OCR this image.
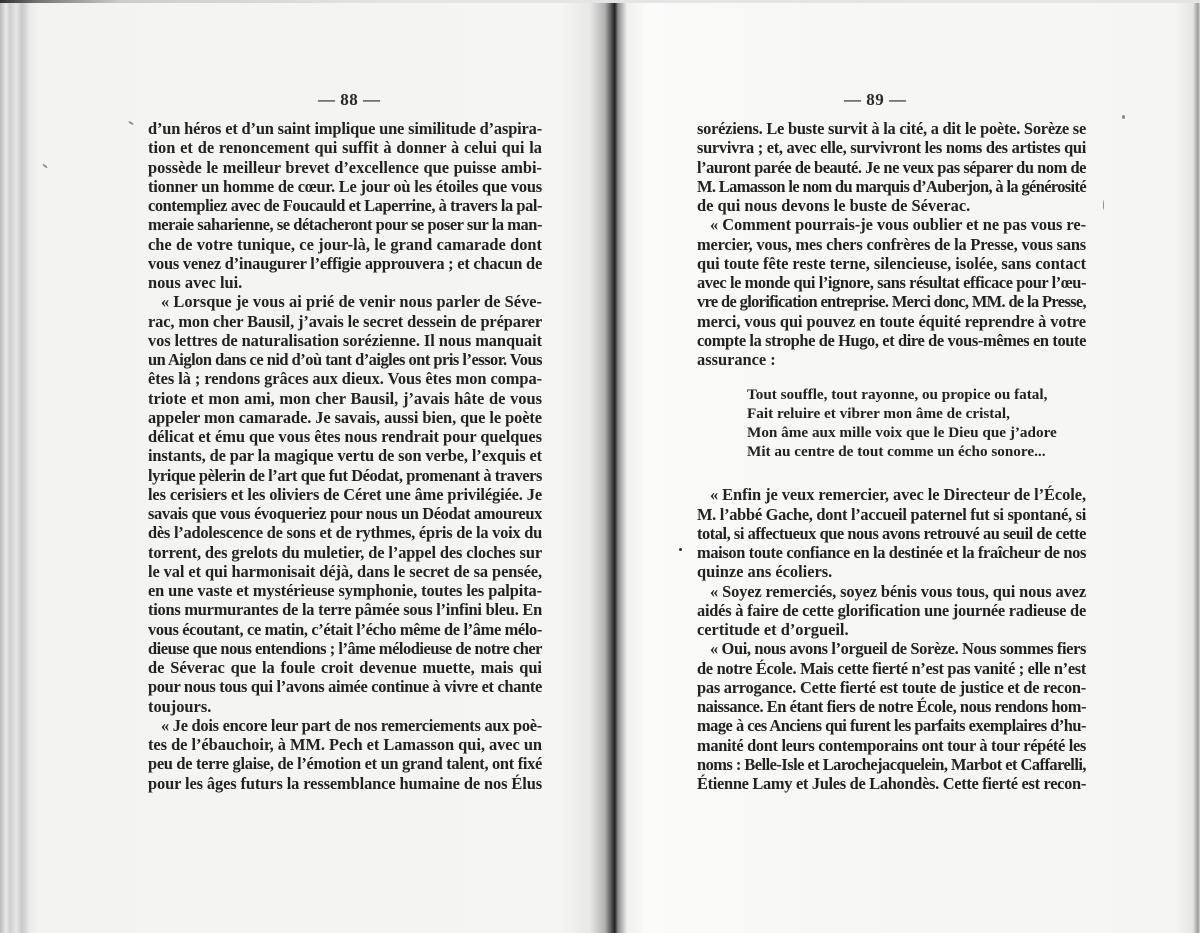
— 88 —	— 89 —
d’un héros et d’un saint implique une similitude d’aspira-
tion et de renoncement qui suffit à donner à celui qui la
possède le meilleur brevet d’excellence que puisse ambi-
tionner un homme de cœur. Le jour où les étoiles que vous
contempliez avec de Foucauld et Laperrine, à travers la pal-
meraie saharienne, se détacheront pour se poser sur la man-
che de votre tunique, ce jour-là, le grand camarade dont
vous venez d’inaugurer l’effigie approuvera ; et chacun de
nous avec lui.
« Lorsque je vous ai prié de venir nous parler de Séve-
rac, mon cher Bausil, j’avais le secret dessein de préparer
vos lettres de naturalisation sorézienne. Il nous manquait
un Aiglon dans ce nid d’où tant d’aigles ont pris l’essor. Vous
êtes là ; rendons grâces aux dieux. Vous êtes mon compa-
triote et mon ami, mon cher Bausil, j’avais hâte de vous
appeler mon camarade. Je savais, aussi bien, que le poète
délicat et ému que vous êtes nous rendrait pour quelques
instants, de par la magique vertu de son verbe, l’exquis et
lyrique pèlerin de l’art que fut Déodat, promenant à travers
les cerisiers et les oliviers de Céret une âme privilégiée. Je
savais que vous évoqueriez pour nous un Déodat amoureux
dès l’adolescence de sons et de rythmes, épris de la voix du
torrent, des grelots du muletier, de l’appel des cloches sur
le val et qui harmonisait déjà, dans le secret de sa pensée,
en une vaste et mystérieuse symphonie, toutes les palpita-
tions murmurantes de la terre pâmée sous l’infini bleu. En
vous écoutant, ce matin, c’était l’écho même de l’âme mélo-
dieuse que nous entendions ; l’âme mélodieuse de notre cher
de Séverac que la foule croit devenue muette, mais qui
pour nous tous qui l’avons aimée continue à vivre et chante
toujours.
« Je dois encore leur part de nos remerciements aux poè-
tes de l’ébauchoir, à MM. Pech et Lamasson qui, avec un
peu de terre glaise, de l’émotion et un grand talent, ont fixé
pour les âges futurs la ressemblance humaine de nos Élus
soréziens. Le buste survit à la cité, a dit le poète. Sorèze se
survivra ; et, avec elle, survivront les noms des artistes qui
l’auront parée de beauté. Je ne veux pas séparer du nom de
M. Lamasson le nom du marquis d’Auberjon, à la générosité
de qui nous devons le buste de Séverac.
« Comment pourrais-je vous oublier et ne pas vous re-
mercier, vous, mes chers confrères de la Presse, vous sans
qui toute fête reste terne, silencieuse, isolée, sans contact
avec le monde qui l’ignore, sans résultat efficace pour l’œu-
vre de glorification entreprise. Merci donc, MM. de la Presse,
merci, vous qui pouvez en toute équité reprendre à votre
compte la strophe de Hugo, et dire de vous-mêmes en toute
assurance :
Tout souffle, tout rayonne, ou propice ou fatal,
Fait reluire et vibrer mon âme de cristal,
Mon âme aux mille voix que le Dieu que j’adore
Mit au centre de tout comme un écho sonore...
« Enfin je veux remercier, avec le Directeur de l’École,
M. l’abbé Gache, dont l’accueil paternel fut si spontané, si
total, si affectueux que nous avons retrouvé au seuil de cette
maison toute confiance en la destinée et la fraîcheur de nos
quinze ans écoliers.
« Soyez remerciés, soyez bénis vous tous, qui nous avez
aidés à faire de cette glorification une journée radieuse de
certitude et d’orgueil.
« Oui, nous avons l’orgueil de Sorèze. Nous sommes fiers
de notre École. Mais cette fierté n’est pas vanité ; elle n’est
pas arrogance. Cette fierté est toute de justice et de recon-
naissance. En étant fiers de notre École, nous rendons hom-
mage à ces Anciens qui furent les parfaits exemplaires d’hu-
manité dont leurs contemporains ont tour à tour répété les
noms : Belle-Isle et Larochejacquelein, Marbot et Caffarelli,
Étienne Lamy et Jules de Lahondès. Cette fierté est recon-
